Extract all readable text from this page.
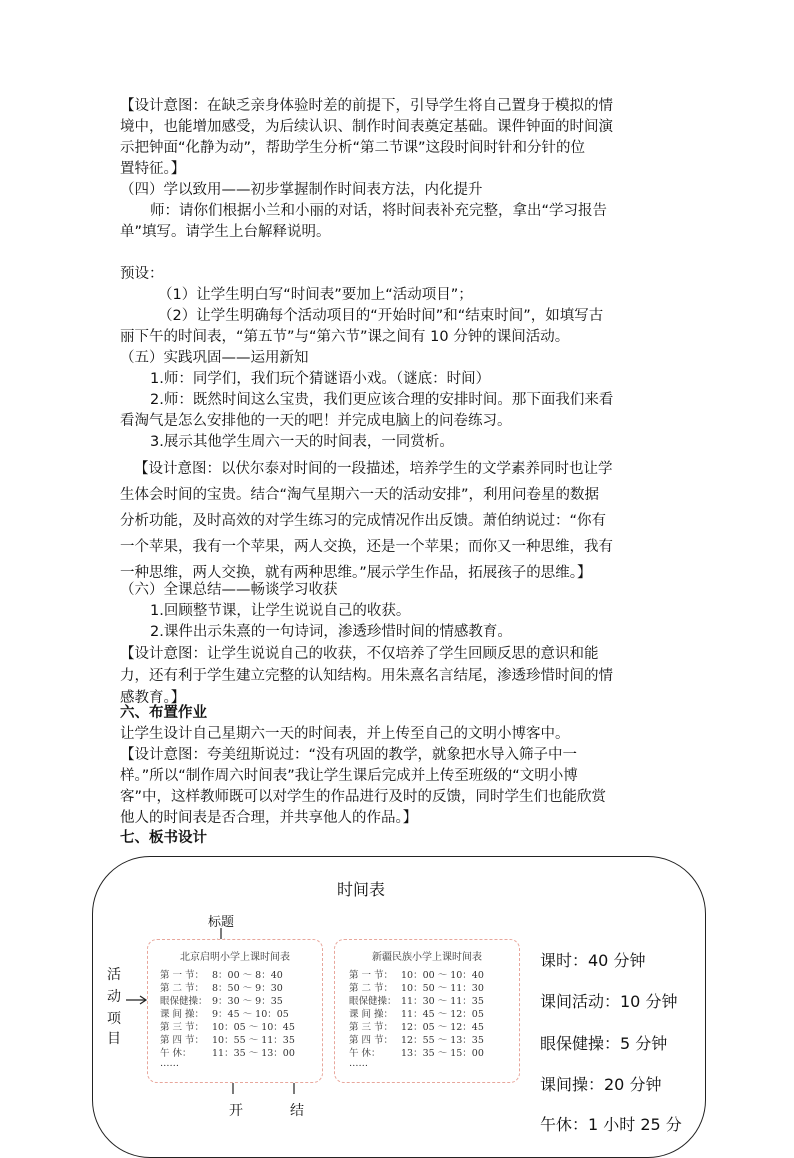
【设计意图：在缺乏亲身体验时差的前提下，引导学生将自己置身于模拟的情
境中，也能增加感受，为后续认识、制作时间表奠定基础。课件钟面的时间演
示把钟面“化静为动”，帮助学生分析“第二节课”这段时间时针和分针的位
置特征。】
（四）学以致用——初步掌握制作时间表方法，内化提升
师：请你们根据小兰和小丽的对话，将时间表补充完整，拿出“学习报告
单”填写。请学生上台解释说明。
预设：
（1）让学生明白写“时间表”要加上“活动项目”；
（2）让学生明确每个活动项目的“开始时间”和“结束时间”，如填写古
丽下午的时间表，“第五节”与“第六节”课之间有 10 分钟的课间活动。
（五）实践巩固——运用新知
1.师：同学们，我们玩个猜谜语小戏。（谜底：时间）
2.师：既然时间这么宝贵，我们更应该合理的安排时间。那下面我们来看
看淘气是怎么安排他的一天的吧！并完成电脑上的问卷练习。
3.展示其他学生周六一天的时间表，一同赏析。
【设计意图：以伏尔泰对时间的一段描述，培养学生的文学素养同时也让学
生体会时间的宝贵。结合“淘气星期六一天的活动安排”，利用问卷星的数据
分析功能，及时高效的对学生练习的完成情况作出反馈。萧伯纳说过：“你有
一个苹果，我有一个苹果，两人交换，还是一个苹果；而你又一种思维，我有
一种思维，两人交换，就有两种思维。”展示学生作品，拓展孩子的思维。】
（六）全课总结——畅谈学习收获
1.回顾整节课，让学生说说自己的收获。
2.课件出示朱熹的一句诗词，渗透珍惜时间的情感教育。
【设计意图：让学生说说自己的收获，不仅培养了学生回顾反思的意识和能
力，还有利于学生建立完整的认知结构。用朱熹名言结尾，渗透珍惜时间的情
感教育。】
六、布置作业
让学生设计自己星期六一天的时间表，并上传至自己的文明小博客中。
【设计意图：夸美纽斯说过：“没有巩固的教学，就象把水导入筛子中一
样。”所以“制作周六时间表”我让学生课后完成并上传至班级的“文明小博
客”中，这样教师既可以对学生的作品进行及时的反馈，同时学生们也能欣赏
他人的时间表是否合理，并共享他人的作品。】
七、板书设计
时间表
标题
活
动
项
目
开	结
北京启明小学上课时间表
第 一 节： 8：00 ～ 8：40
第 二 节： 8：50 ～ 9：30
眼保健操： 9：30 ～ 9：35
课 间 操： 9：45 ～ 10：05
第 三 节： 10：05 ～ 10：45
第 四 节： 10：55 ～ 11：35
午 休： 11：35 ～ 13：00
……
新疆民族小学上课时间表
第 一 节： 10：00 ～ 10：40
第 二 节： 10：50 ～ 11：30
眼保健操： 11：30 ～ 11：35
课 间 操： 11：45 ～ 12：05
第 三 节： 12：05 ～ 12：45
第 四 节： 12：55 ～ 13：35
午 休： 13：35 ～ 15：00
……
课时：40 分钟
课间活动：10 分钟
眼保健操：5 分钟
课间操：20 分钟
午休：1 小时 25 分
